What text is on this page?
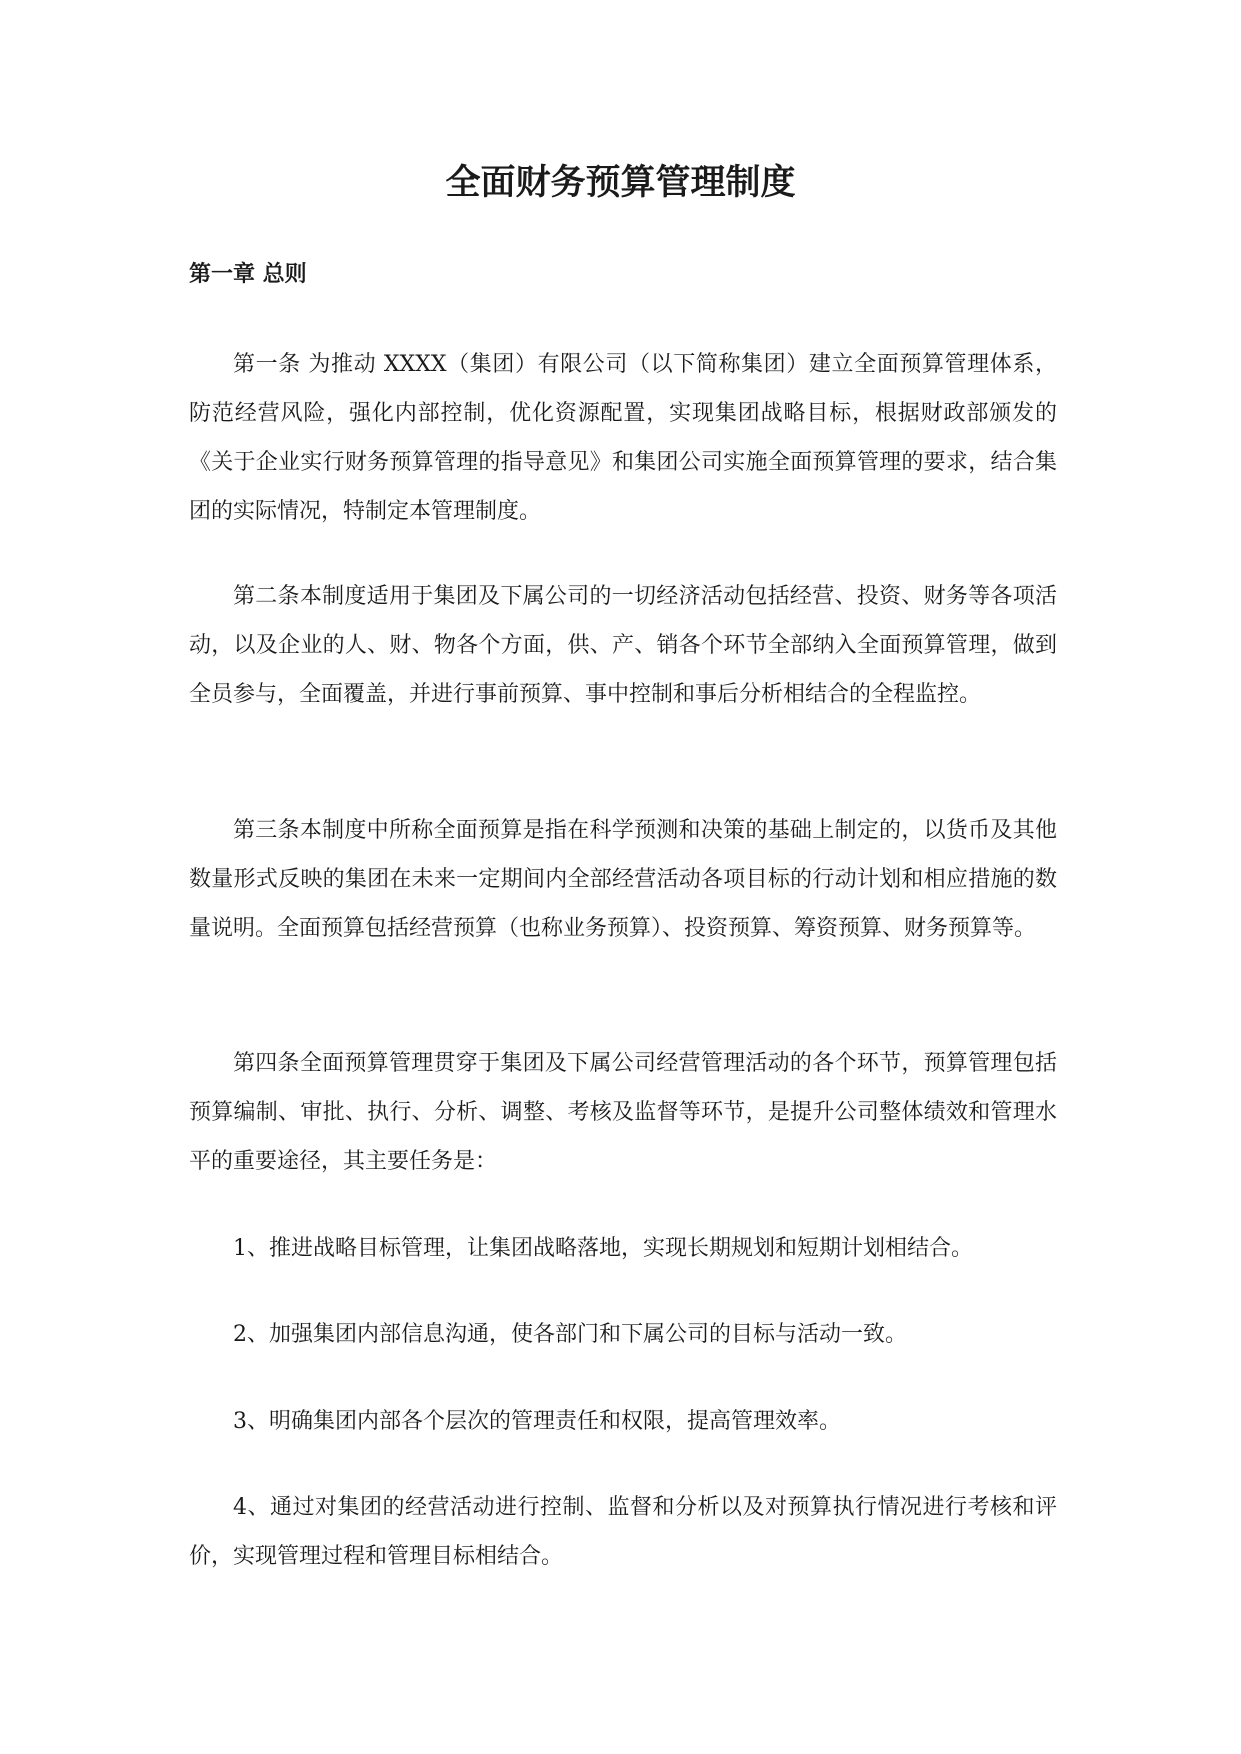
全面财务预算管理制度
第一章 总则

第一条 为推动 XXXX（集团）有限公司（以下简称集团）建立全面预算管理体系，防范经营风险，强化内部控制，优化资源配置，实现集团战略目标，根据财政部颁发的《关于企业实行财务预算管理的指导意见》和集团公司实施全面预算管理的要求，结合集团的实际情况，特制定本管理制度。

第二条本制度适用于集团及下属公司的一切经济活动包括经营、投资、财务等各项活动，以及企业的人、财、物各个方面，供、产、销各个环节全部纳入全面预算管理，做到全员参与，全面覆盖，并进行事前预算、事中控制和事后分析相结合的全程监控。

第三条本制度中所称全面预算是指在科学预测和决策的基础上制定的，以货币及其他数量形式反映的集团在未来一定期间内全部经营活动各项目标的行动计划和相应措施的数量说明。全面预算包括经营预算（也称业务预算）、投资预算、筹资预算、财务预算等。

第四条全面预算管理贯穿于集团及下属公司经营管理活动的各个环节，预算管理包括预算编制、审批、执行、分析、调整、考核及监督等环节，是提升公司整体绩效和管理水平的重要途径，其主要任务是：

1、推进战略目标管理，让集团战略落地，实现长期规划和短期计划相结合。

2、加强集团内部信息沟通，使各部门和下属公司的目标与活动一致。

3、明确集团内部各个层次的管理责任和权限，提高管理效率。

4、通过对集团的经营活动进行控制、监督和分析以及对预算执行情况进行考核和评价，实现管理过程和管理目标相结合。
